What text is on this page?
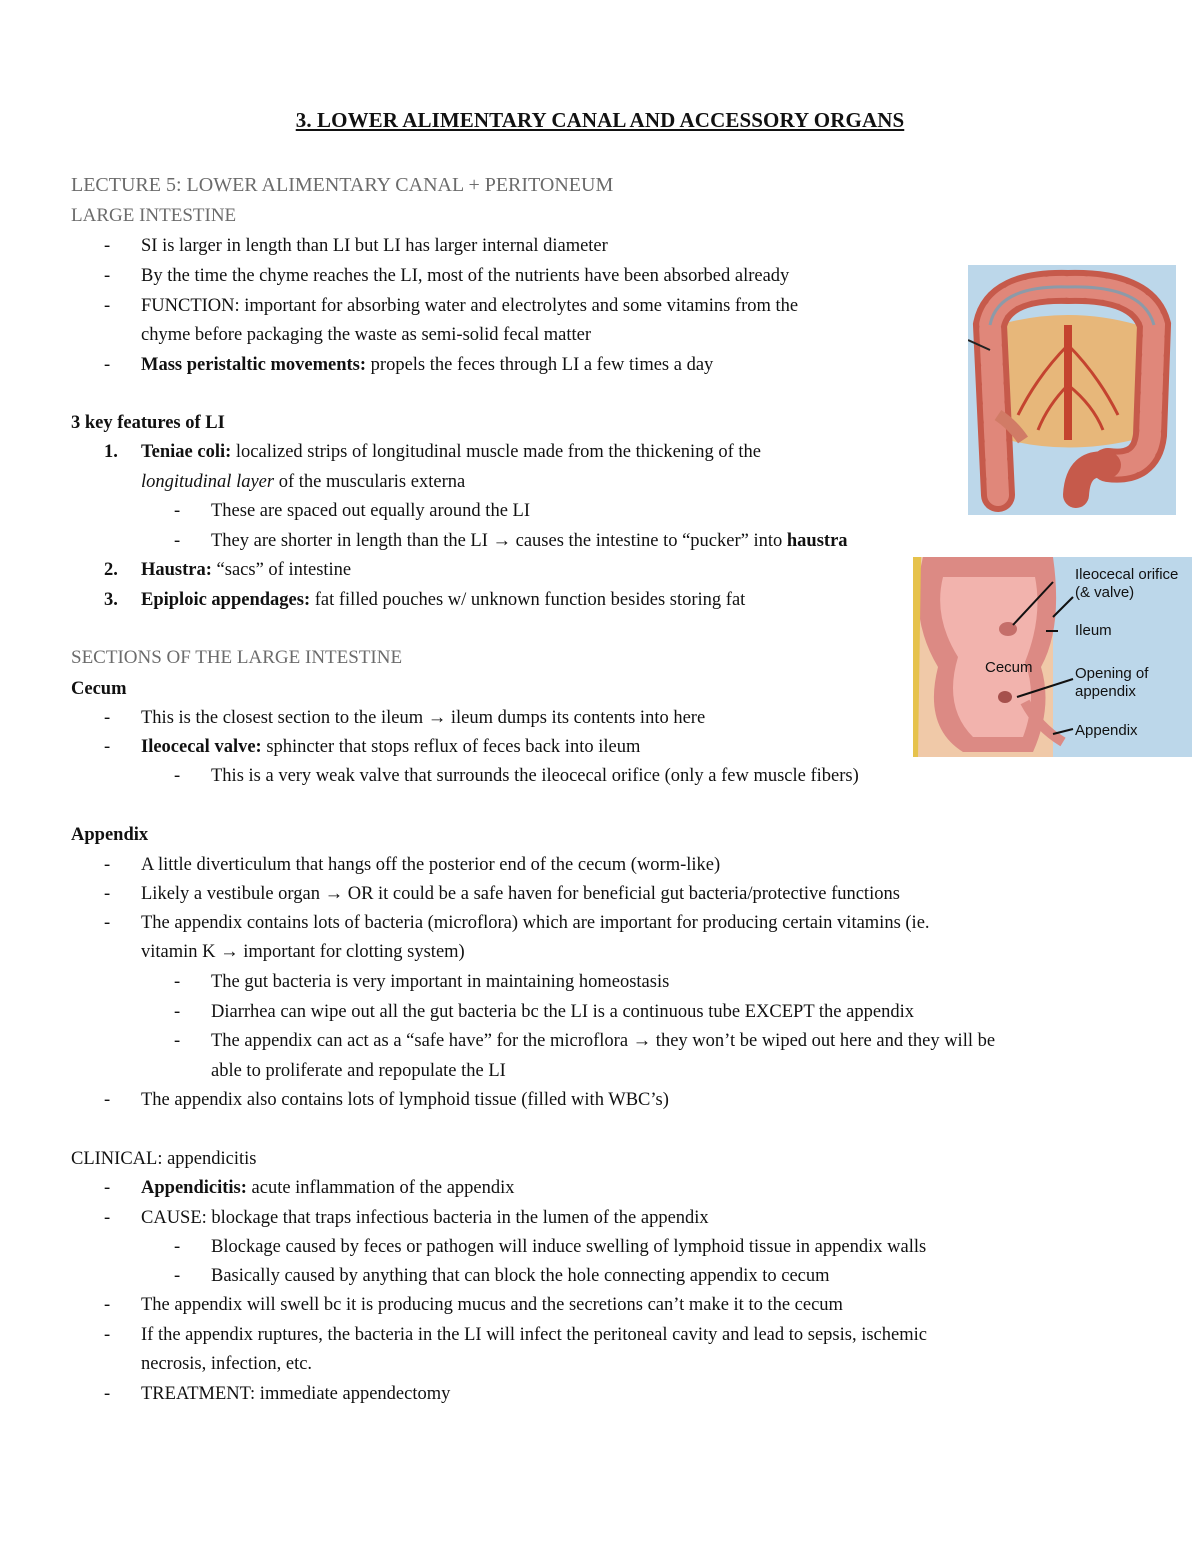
3. LOWER ALIMENTARY CANAL AND ACCESSORY ORGANS
LECTURE 5: LOWER ALIMENTARY CANAL + PERITONEUM
LARGE INTESTINE
- SI is larger in length than LI but LI has larger internal diameter
- By the time the chyme reaches the LI, most of the nutrients have been absorbed already
- FUNCTION: important for absorbing water and electrolytes and some vitamins from the
chyme before packaging the waste as semi-solid fecal matter
- Mass peristaltic movements: propels the feces through LI a few times a day
3 key features of LI
1. Teniae coli: localized strips of longitudinal muscle made from the thickening of the
longitudinal layer of the muscularis externa
- These are spaced out equally around the LI
- They are shorter in length than the LI → causes the intestine to “pucker” into haustra
2. Haustra: “sacs” of intestine
3. Epiploic appendages: fat filled pouches w/ unknown function besides storing fat
SECTIONS OF THE LARGE INTESTINE
Cecum
- This is the closest section to the ileum → ileum dumps its contents into here
- Ileocecal valve: sphincter that stops reflux of feces back into ileum
- This is a very weak valve that surrounds the ileocecal orifice (only a few muscle fibers)
Appendix
- A little diverticulum that hangs off the posterior end of the cecum (worm-like)
- Likely a vestibule organ → OR it could be a safe haven for beneficial gut bacteria/protective functions
- The appendix contains lots of bacteria (microflora) which are important for producing certain vitamins (ie.
vitamin K → important for clotting system)
- The gut bacteria is very important in maintaining homeostasis
- Diarrhea can wipe out all the gut bacteria bc the LI is a continuous tube EXCEPT the appendix
- The appendix can act as a “safe have” for the microflora → they won’t be wiped out here and they will be
able to proliferate and repopulate the LI
- The appendix also contains lots of lymphoid tissue (filled with WBC’s)
CLINICAL: appendicitis
- Appendicitis: acute inflammation of the appendix
- CAUSE: blockage that traps infectious bacteria in the lumen of the appendix
- Blockage caused by feces or pathogen will induce swelling of lymphoid tissue in appendix walls
- Basically caused by anything that can block the hole connecting appendix to cecum
- The appendix will swell bc it is producing mucus and the secretions can’t make it to the cecum
- If the appendix ruptures, the bacteria in the LI will infect the peritoneal cavity and lead to sepsis, ischemic
necrosis, infection, etc.
- TREATMENT: immediate appendectomy
Ileocecal orifice
(& valve)
Ileum
Cecum	Opening of
appendix
Appendix
